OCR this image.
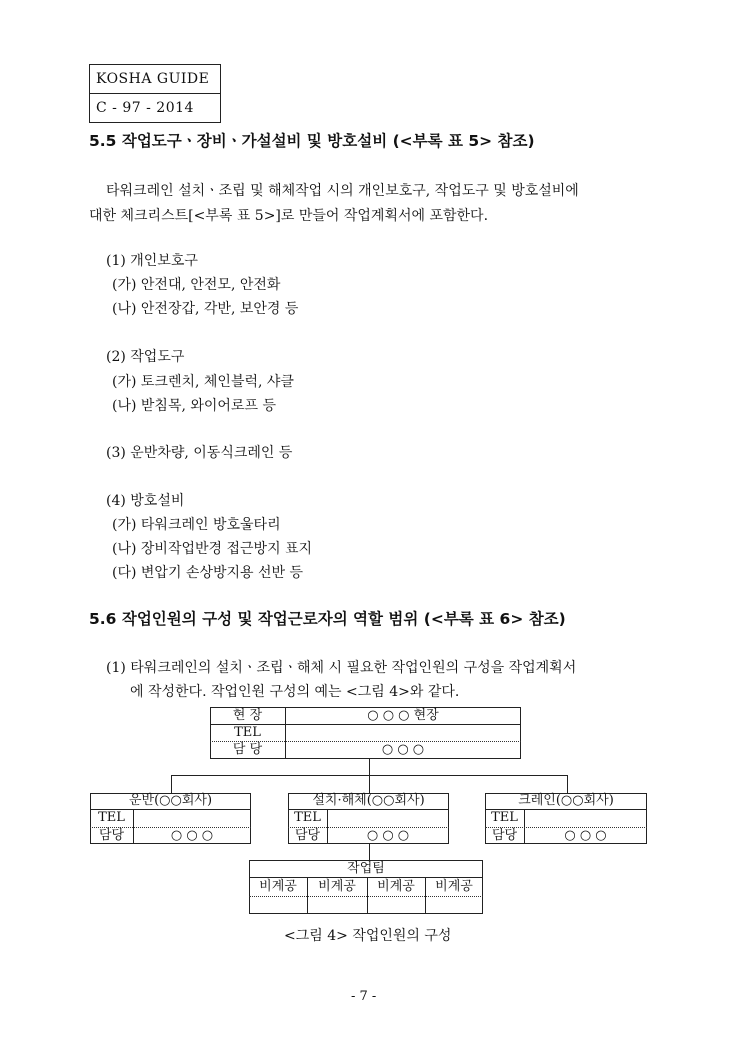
KOSHA GUIDE
C - 97 - 2014
5.5 작업도구ㆍ장비ㆍ가설설비 및 방호설비 (<부록 표 5> 참조)
타워크레인 설치ㆍ조립 및 해체작업 시의 개인보호구, 작업도구 및 방호설비에
대한 체크리스트[<부록 표 5>]로 만들어 작업계획서에 포함한다.
(1) 개인보호구
(가) 안전대, 안전모, 안전화
(나) 안전장갑, 각반, 보안경 등
(2) 작업도구
(가) 토크렌치, 체인블럭, 샤클
(나) 받침목, 와이어로프 등
(3) 운반차량, 이동식크레인 등
(4) 방호설비
(가) 타워크레인 방호울타리
(나) 장비작업반경 접근방지 표지
(다) 변압기 손상방지용 선반 등
5.6 작업인원의 구성 및 작업근로자의 역할 범위 (<부록 표 6> 참조)
(1) 타워크레인의 설치ㆍ조립ㆍ해체 시 필요한 작업인원의 구성을 작업계획서
에 작성한다. 작업인원 구성의 예는 <그림 4>와 같다.
현 장	○ ○ ○ 현장
TEL
담 당	○ ○ ○
운반(○○회사)
TEL
담당	○ ○ ○
설치·해체(○○회사)
TEL
담당	○ ○ ○
크레인(○○회사)
TEL
담당	○ ○ ○
작업팀
비계공	비계공	비계공	비계공
<그림 4> 작업인원의 구성
- 7 -
